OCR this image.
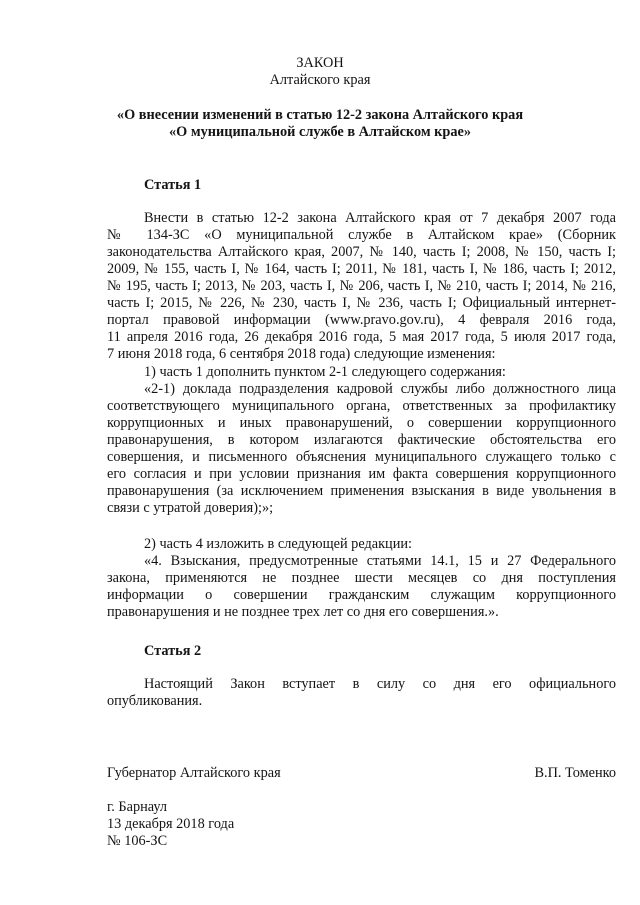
ЗАКОН
Алтайского края
«О внесении изменений в статью 12-2 закона Алтайского края
«О муниципальной службе в Алтайском крае»
Статья 1
Внести в статью 12-2 закона Алтайского края от 7 декабря 2007 года
№ 134-ЗС «О муниципальной службе в Алтайском крае» (Сборник
законодательства Алтайского края, 2007, № 140, часть I; 2008, № 150, часть I;
2009, № 155, часть I, № 164, часть I; 2011, № 181, часть I, № 186, часть I; 2012,
№ 195, часть I; 2013, № 203, часть I, № 206, часть I, № 210, часть I; 2014, № 216,
часть I; 2015, № 226, № 230, часть I, № 236, часть I; Официальный интернет-
портал правовой информации (www.pravo.gov.ru), 4 февраля 2016 года,
11 апреля 2016 года, 26 декабря 2016 года, 5 мая 2017 года, 5 июля 2017 года,
7 июня 2018 года, 6 сентября 2018 года) следующие изменения:
1) часть 1 дополнить пунктом 2-1 следующего содержания:
«2-1) доклада подразделения кадровой службы либо должностного лица
соответствующего муниципального органа, ответственных за профилактику
коррупционных и иных правонарушений, о совершении коррупционного
правонарушения, в котором излагаются фактические обстоятельства его
совершения, и письменного объяснения муниципального служащего только с
его согласия и при условии признания им факта совершения коррупционного
правонарушения (за исключением применения взыскания в виде увольнения в
связи с утратой доверия);»;
2) часть 4 изложить в следующей редакции:
«4. Взыскания, предусмотренные статьями 14.1, 15 и 27 Федерального
закона, применяются не позднее шести месяцев со дня поступления
информации о совершении гражданским служащим коррупционного
правонарушения и не позднее трех лет со дня его совершения.».
Статья 2
Настоящий Закон вступает в силу со дня его официального
опубликования.
Губернатор Алтайского края	В.П. Томенко
г. Барнаул
13 декабря 2018 года
№ 106-ЗС
